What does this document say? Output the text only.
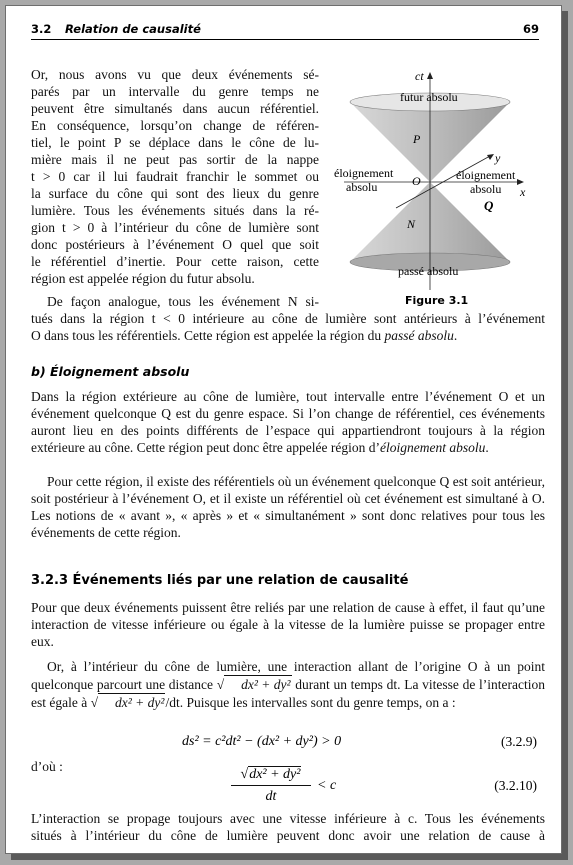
3.2 Relation de causalité	69
Or, nous avons vu que deux événements sé-
parés par un intervalle du genre temps ne
peuvent être simultanés dans aucun référentiel.
En conséquence, lorsqu’on change de référen-
tiel, le point P se déplace dans le cône de lu-
mière mais il ne peut pas sortir de la nappe
t > 0 car il lui faudrait franchir le sommet ou
la surface du cône qui sont des lieux du genre
lumière. Tous les événements situés dans la ré-
gion t > 0 à l’intérieur du cône de lumière sont
donc postérieurs à l’événement O quel que soit
le référentiel d’inertie. Pour cette raison, cette
région est appelée région du futur absolu.
ct
futur absolu
P
y
éloignement
absolu	O	éloignement
absolu x
Q
N
passé absolu
Figure 3.1
De façon analogue, tous les événement N si-
tués dans la région t < 0 intérieure au cône de lumière sont antérieurs à l’événement
O dans tous les référentiels. Cette région est appelée la région du passé absolu.
b) Éloignement absolu

Dans la région extérieure au cône de lumière, tout intervalle entre l’événement O et un événement quelconque Q est du genre espace. Si l’on change de référentiel, ces événements auront lieu en des points différents de l’espace qui appartiendront toujours à la région extérieure au cône. Cette région peut donc être appelée région d’éloignement absolu.

Pour cette région, il existe des référentiels où un événement quelconque Q est soit antérieur, soit postérieur à l’événement O, et il existe un référentiel où cet événement est simultané à O. Les notions de « avant », « après » et « simultanément » sont donc relatives pour tous les événements de cette région.

3.2.3 Événements liés par une relation de causalité

Pour que deux événements puissent être reliés par une relation de cause à effet, il faut qu’une interaction de vitesse inférieure ou égale à la vitesse de la lumière puisse se propager entre eux.

Or, à l’intérieur du cône de lumière, une interaction allant de l’origine O à un point quelconque parcourt une distance √ dx² + dy² durant un temps dt. La vitesse de l’interaction est égale à √ dx² + dy²/dt. Puisque les intervalles sont du genre temps, on a :

ds² = c²dt² − (dx² + dy²) > 0	(3.2.9)
d’où :
√dx² + dy²
dt
< c	(3.2.10)
L’interaction se propage toujours avec une vitesse inférieure à c. Tous les événements
situés à l’intérieur du cône de lumière peuvent donc avoir une relation de cause à
